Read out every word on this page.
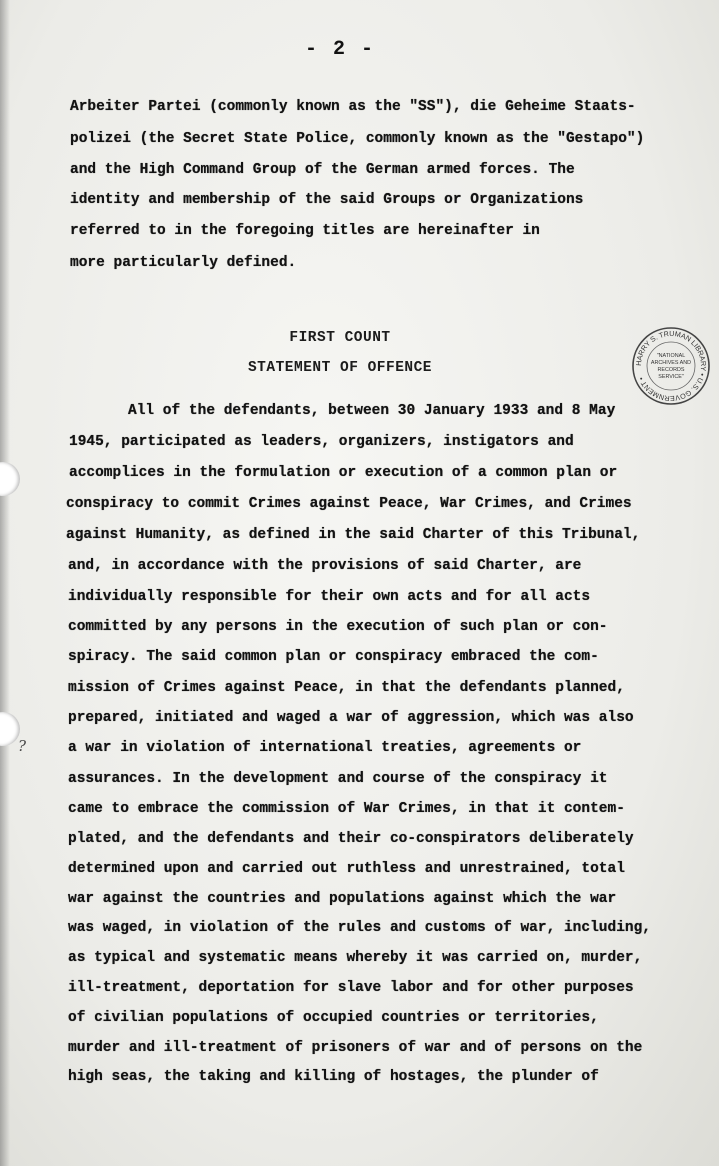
- 2 -

Arbeiter Partei (commonly known as the "SS"), die Geheime Staats-

polizei (the Secret State Police, commonly known as the "Gestapo")

and the High Command Group of the German armed forces. The

identity and membership of the said Groups or Organizations

referred to in the foregoing titles are hereinafter in

more particularly defined.

FIRST COUNT
STATEMENT OF OFFENCE	HARRY S. TRUMAN LIBRARY • U.S. GOVERNMENT •
"NATIONAL
ARCHIVES AND
RECORDS
SERVICE"

All of the defendants, between 30 January 1933 and 8 May

1945, participated as leaders, organizers, instigators and

accomplices in the formulation or execution of a common plan or

conspiracy to commit Crimes against Peace, War Crimes, and Crimes

against Humanity, as defined in the said Charter of this Tribunal,

and, in accordance with the provisions of said Charter, are

individually responsible for their own acts and for all acts

committed by any persons in the execution of such plan or con-

spiracy. The said common plan or conspiracy embraced the com-

mission of Crimes against Peace, in that the defendants planned,

prepared, initiated and waged a war of aggression, which was also

a war in violation of international treaties, agreements or

assurances. In the development and course of the conspiracy it

came to embrace the commission of War Crimes, in that it contem-

plated, and the defendants and their co-conspirators deliberately

determined upon and carried out ruthless and unrestrained, total

war against the countries and populations against which the war

was waged, in violation of the rules and customs of war, including,

as typical and systematic means whereby it was carried on, murder,

ill-treatment, deportation for slave labor and for other purposes

of civilian populations of occupied countries or territories,

murder and ill-treatment of prisoners of war and of persons on the

high seas, the taking and killing of hostages, the plunder of

?
